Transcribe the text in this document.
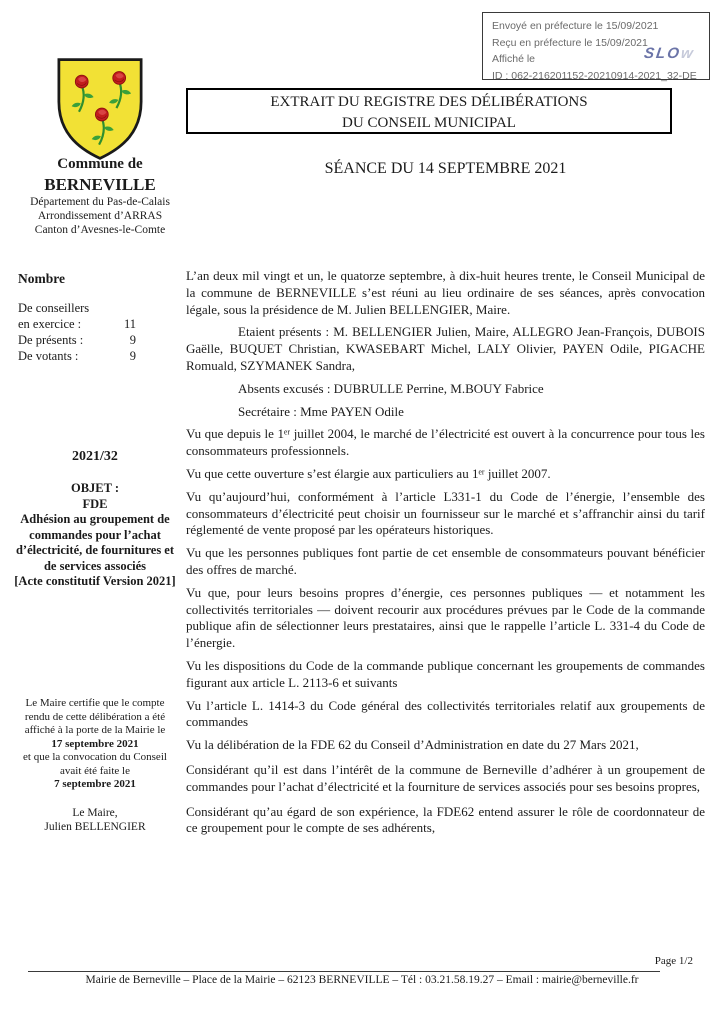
Envoyé en préfecture le 15/09/2021
Reçu en préfecture le 15/09/2021
Affiché le
ID : 062-216201152-20210914-2021_32-DE
SLOw
Commune de
BERNEVILLE
Département du Pas-de-Calais
Arrondissement d’ARRAS
Canton d’Avesnes-le-Comte
EXTRAIT DU REGISTRE DES DÉLIBÉRATIONS
DU CONSEIL MUNICIPAL
SÉANCE DU 14 SEPTEMBRE 2021
Nombre
De conseillers
en exercice :	11
De présents :	9
De votants :	9
2021/32
OBJET :
FDE
Adhésion au groupement de commandes pour l’achat d’électricité, de fournitures et de services associés
[Acte constitutif Version 2021]
Le Maire certifie que le compte rendu de cette délibération a été affiché à la porte de la Mairie le
17 septembre 2021
et que la convocation du Conseil avait été faite le
7 septembre 2021
Le Maire,
Julien BELLENGIER

L’an deux mil vingt et un, le quatorze septembre, à dix-huit heures trente, le Conseil Municipal de la commune de BERNEVILLE s’est réuni au lieu ordinaire de ses séances, après convocation légale, sous la présidence de M. Julien BELLENGIER, Maire.

Etaient présents : M. BELLENGIER Julien, Maire, ALLEGRO Jean-François, DUBOIS Gaëlle, BUQUET Christian, KWASEBART Michel, LALY Olivier, PAYEN Odile, PIGACHE Romuald, SZYMANEK Sandra,

Absents excusés : DUBRULLE Perrine, M.BOUY Fabrice

Secrétaire : Mme PAYEN Odile

Vu que depuis le 1ᵉʳ juillet 2004, le marché de l’électricité est ouvert à la concurrence pour tous les consommateurs professionnels.

Vu que cette ouverture s’est élargie aux particuliers au 1ᵉʳ juillet 2007.

Vu qu’aujourd’hui, conformément à l’article L331-1 du Code de l’énergie, l’ensemble des consommateurs d’électricité peut choisir un fournisseur sur le marché et s’affranchir ainsi du tarif réglementé de vente proposé par les opérateurs historiques.

Vu que les personnes publiques font partie de cet ensemble de consommateurs pouvant bénéficier des offres de marché.

Vu que, pour leurs besoins propres d’énergie, ces personnes publiques — et notamment les collectivités territoriales — doivent recourir aux procédures prévues par le Code de la commande publique afin de sélectionner leurs prestataires, ainsi que le rappelle l’article L. 331-4 du Code de l’énergie.

Vu les dispositions du Code de la commande publique concernant les groupements de commandes figurant aux article L. 2113-6 et suivants

Vu l’article L. 1414-3 du Code général des collectivités territoriales relatif aux groupements de commandes

Vu la délibération de la FDE 62 du Conseil d’Administration en date du 27 Mars 2021,

Considérant qu’il est dans l’intérêt de la commune de Berneville d’adhérer à un groupement de commandes pour l’achat d’électricité et la fourniture de services associés pour ses besoins propres,

Considérant qu’au égard de son expérience, la FDE62 entend assurer le rôle de coordonnateur de ce groupement pour le compte de ses adhérents,

Page 1/2
Mairie de Berneville – Place de la Mairie – 62123 BERNEVILLE – Tél : 03.21.58.19.27 – Email : mairie@berneville.fr
